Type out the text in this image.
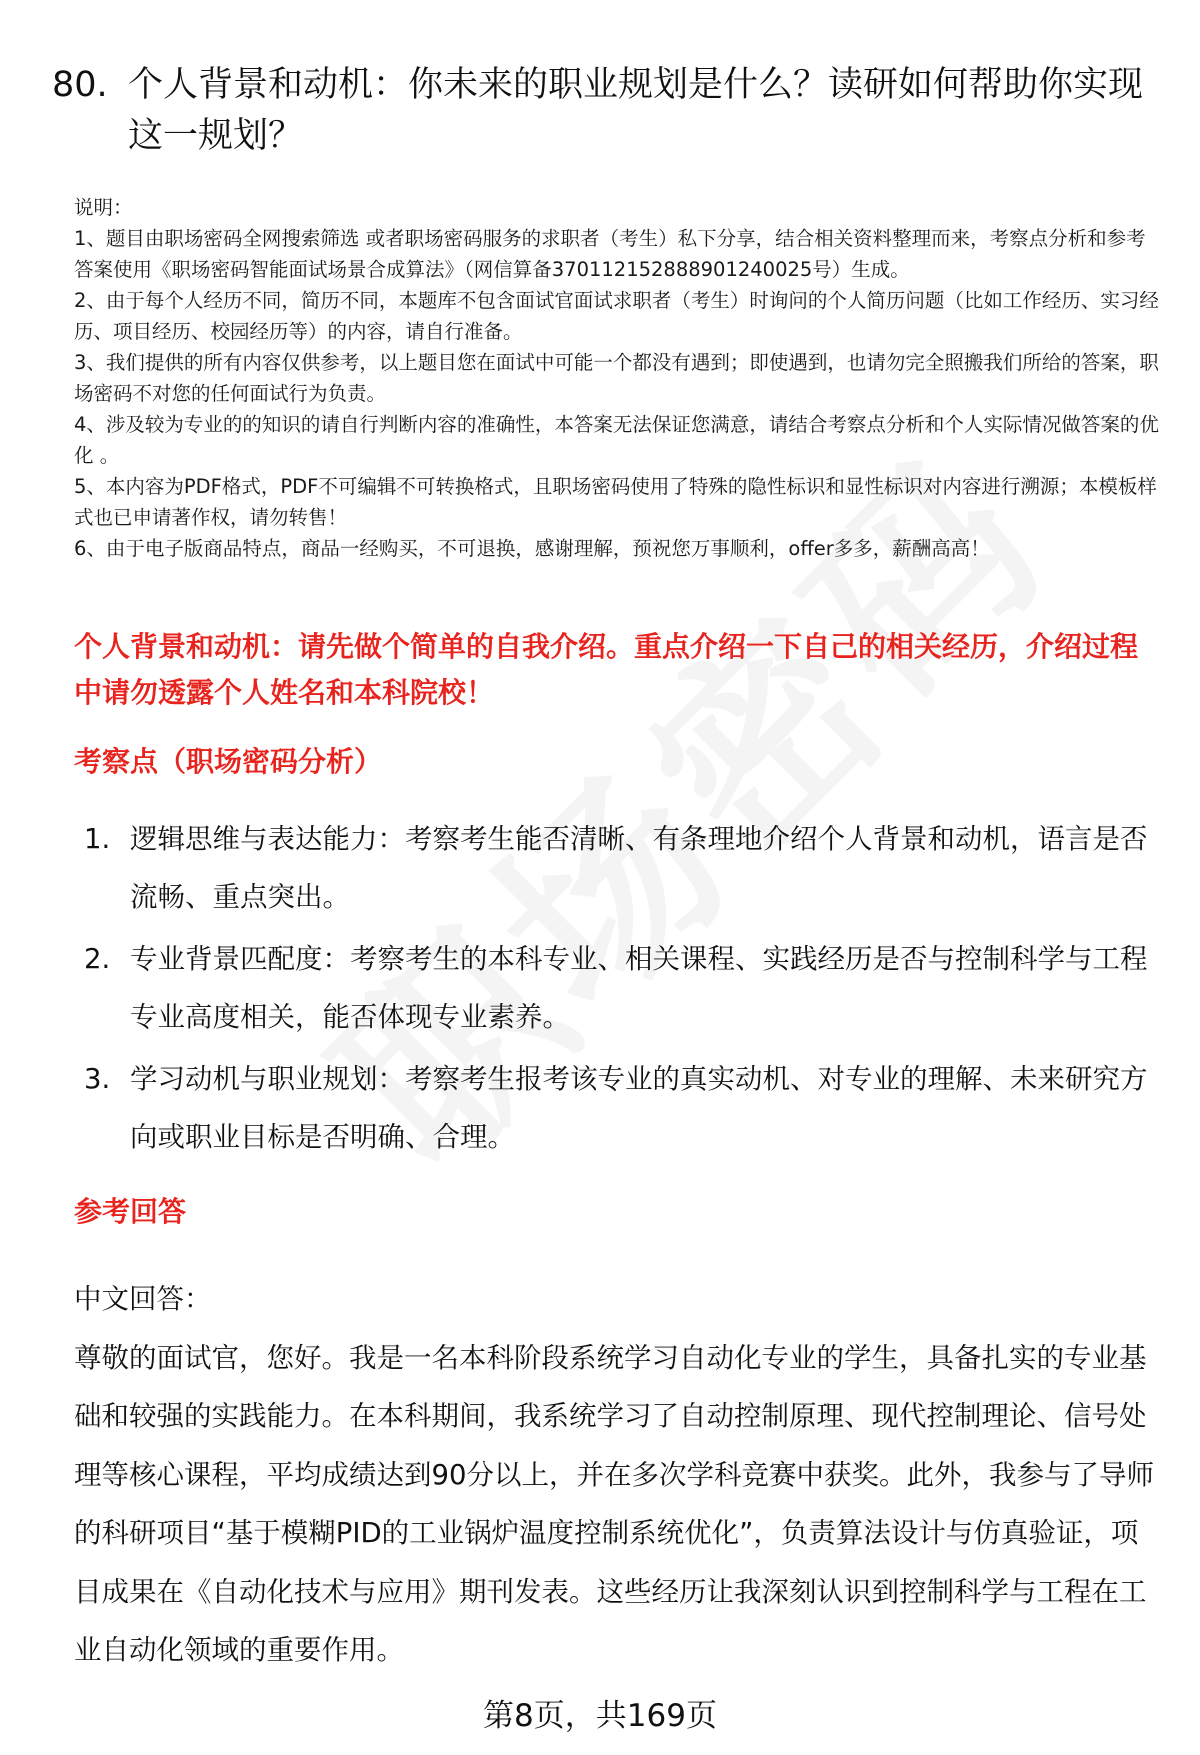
80. 个人背景和动机：你未来的职业规划是什么？读研如何帮助你实现这一规划？
说明：
1、题目由职场密码全网搜索筛选 或者职场密码服务的求职者（考生）私下分享，结合相关资料整理而来，考察点分析和参考答案使用《职场密码智能面试场景合成算法》（网信算备370112152888901240025号）生成。
2、由于每个人经历不同，简历不同，本题库不包含面试官面试求职者（考生）时询问的个人简历问题（比如工作经历、实习经历、项目经历、校园经历等）的内容，请自行准备。
3、我们提供的所有内容仅供参考，以上题目您在面试中可能一个都没有遇到；即使遇到，也请勿完全照搬我们所给的答案，职场密码不对您的任何面试行为负责。
4、涉及较为专业的的知识的请自行判断内容的准确性，本答案无法保证您满意，请结合考察点分析和个人实际情况做答案的优化 。
5、本内容为PDF格式，PDF不可编辑不可转换格式，且职场密码使用了特殊的隐性标识和显性标识对内容进行溯源；本模板样式也已申请著作权，请勿转售！
6、由于电子版商品特点，商品一经购买，不可退换，感谢理解，预祝您万事顺利，offer多多，薪酬高高！
个人背景和动机：请先做个简单的自我介绍。重点介绍一下自己的相关经历，介绍过程中请勿透露个人姓名和本科院校！
考察点（职场密码分析）
1. 逻辑思维与表达能力：考察考生能否清晰、有条理地介绍个人背景和动机，语言是否流畅、重点突出。
2. 专业背景匹配度：考察考生的本科专业、相关课程、实践经历是否与控制科学与工程专业高度相关，能否体现专业素养。
3. 学习动机与职业规划：考察考生报考该专业的真实动机、对专业的理解、未来研究方向或职业目标是否明确、合理。
参考回答
中文回答：
尊敬的面试官，您好。我是一名本科阶段系统学习自动化专业的学生，具备扎实的专业基础和较强的实践能力。在本科期间，我系统学习了自动控制原理、现代控制理论、信号处理等核心课程，平均成绩达到90分以上，并在多次学科竞赛中获奖。此外，我参与了导师的科研项目“基于模糊PID的工业锅炉温度控制系统优化”，负责算法设计与仿真验证，项目成果在《自动化技术与应用》期刊发表。这些经历让我深刻认识到控制科学与工程在工业自动化领域的重要作用。
第8页，共169页
